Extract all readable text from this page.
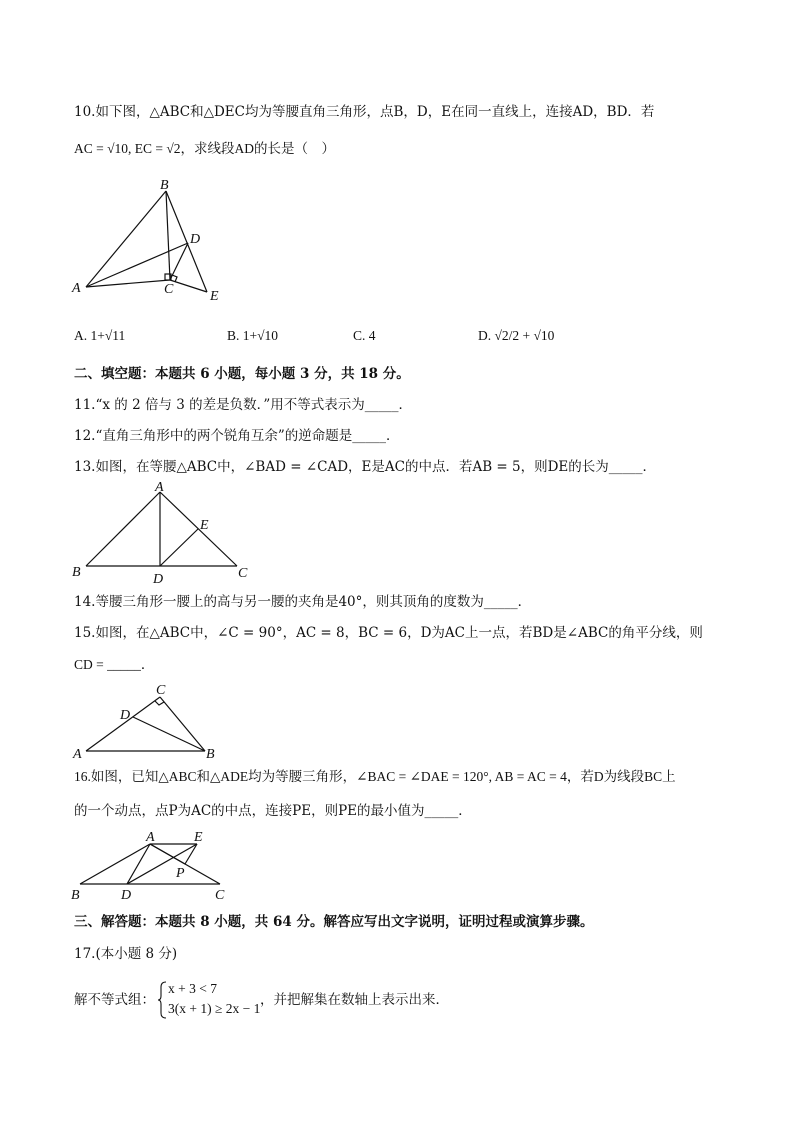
10.如下图，△ABC和△DEC均为等腰直角三角形，点B，D，E在同一直线上，连接AD，BD．若
AC = √10, EC = √2，求线段AD的长是（　）
B
D
A	C	E
A. 1+√11	B. 1+√10	C. 4	D. √2/2 + √10
二、填空题：本题共 6 小题，每小题 3 分，共 18 分。
11.“x 的 2 倍与 3 的差是负数．”用不等式表示为_____．
12.“直角三角形中的两个锐角互余”的逆命题是_____．
13.如图，在等腰△ABC中，∠BAD = ∠CAD，E是AC的中点．若AB = 5，则DE的长为_____．
A
E
B	D	C
14.等腰三角形一腰上的高与另一腰的夹角是40°，则其顶角的度数为_____．
15.如图，在△ABC中，∠C = 90°，AC = 8，BC = 6，D为AC上一点，若BD是∠ABC的角平分线，则
CD = _____．
C
D
A	B
16.如图，已知△ABC和△ADE均为等腰三角形，∠BAC = ∠DAE = 120°, AB = AC = 4，若D为线段BC上
的一个动点，点P为AC的中点，连接PE，则PE的最小值为_____．
A	E
P
B	D	C
三、解答题：本题共 8 小题，共 64 分。解答应写出文字说明，证明过程或演算步骤。
17.(本小题 8 分)
解不等式组：
x + 3 < 7
3(x + 1) ≥ 2x − 1
，并把解集在数轴上表示出来．
